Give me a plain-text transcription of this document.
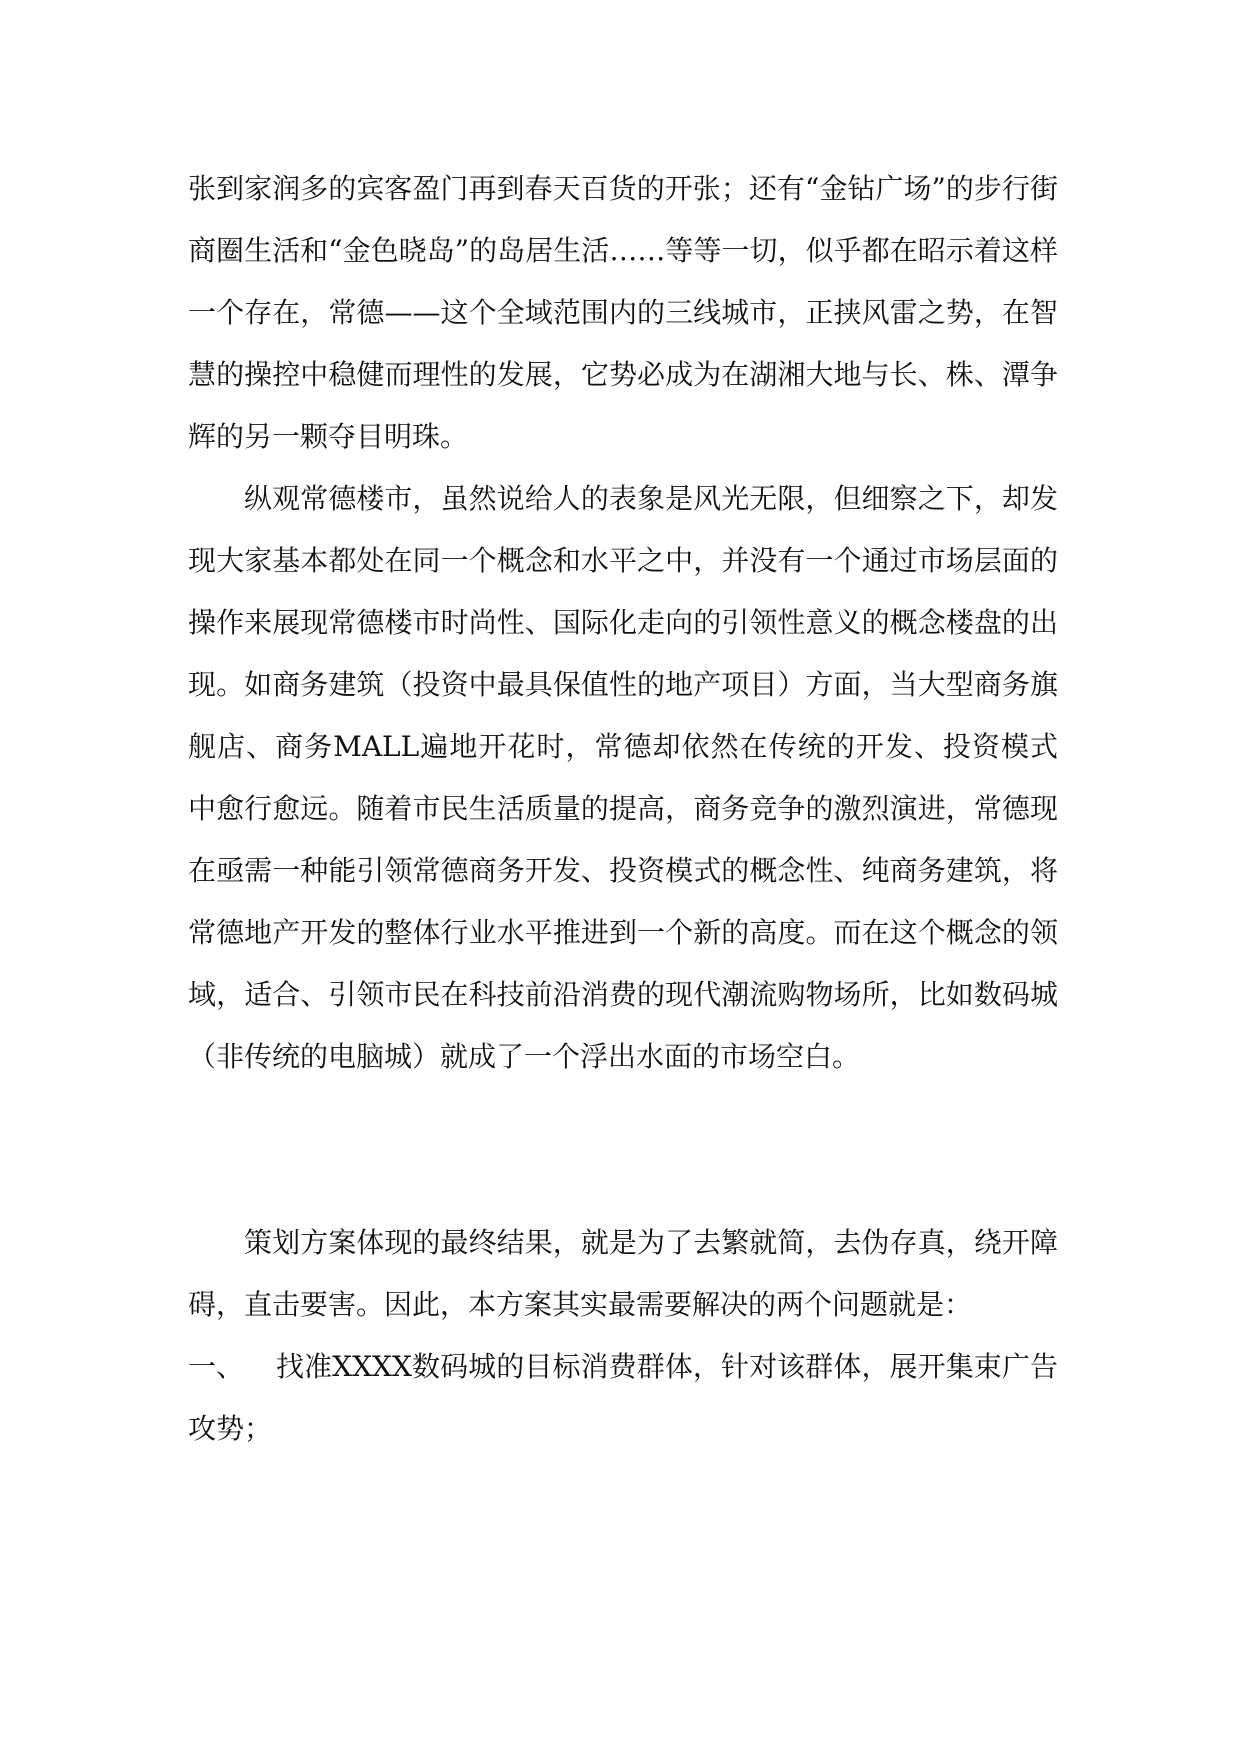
张到家润多的宾客盈门再到春天百货的开张；还有“金钻广场”的步行街商圈生活和“金色晓岛”的岛居生活……等等一切，似乎都在昭示着这样一个存在，常德——这个全域范围内的三线城市，正挟风雷之势，在智慧的操控中稳健而理性的发展，它势必成为在湖湘大地与长、株、潭争辉的另一颗夺目明珠。

纵观常德楼市，虽然说给人的表象是风光无限，但细察之下，却发现大家基本都处在同一个概念和水平之中，并没有一个通过市场层面的操作来展现常德楼市时尚性、国际化走向的引领性意义的概念楼盘的出现。如商务建筑（投资中最具保值性的地产项目）方面，当大型商务旗舰店、商务MALL遍地开花时，常德却依然在传统的开发、投资模式中愈行愈远。随着市民生活质量的提高，商务竞争的激烈演进，常德现在亟需一种能引领常德商务开发、投资模式的概念性、纯商务建筑，将常德地产开发的整体行业水平推进到一个新的高度。而在这个概念的领域，适合、引领市民在科技前沿消费的现代潮流购物场所，比如数码城（非传统的电脑城）就成了一个浮出水面的市场空白。

策划方案体现的最终结果，就是为了去繁就简，去伪存真，绕开障碍，直击要害。因此，本方案其实最需要解决的两个问题就是：

一、	找准XXXX数码城的目标消费群体，针对该群体，展开集束广告攻势；
